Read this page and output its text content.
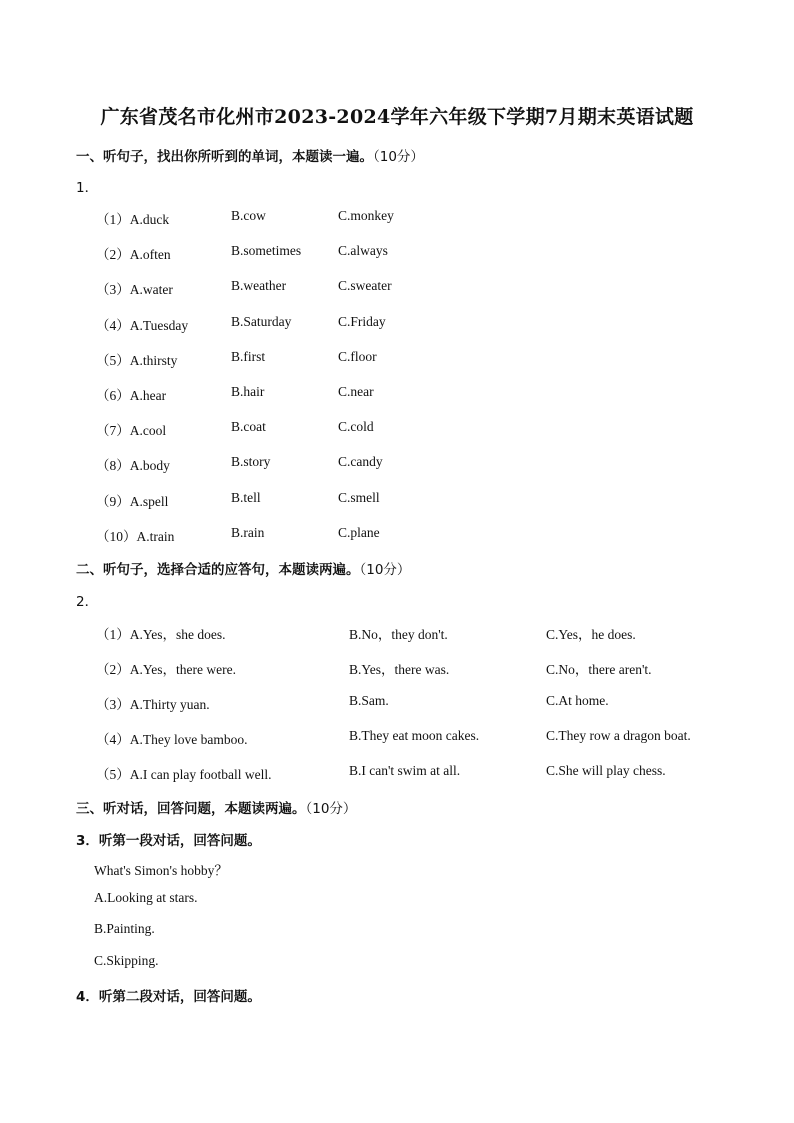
广东省茂名市化州市2023-2024学年六年级下学期7月期末英语试题
一、听句子，找出你所听到的单词，本题读一遍。（10分）
1．
（1）A.duck	B.cow	C.monkey
（2）A.often	B.sometimes	C.always
（3）A.water	B.weather	C.sweater
（4）A.Tuesday	B.Saturday	C.Friday
（5）A.thirsty	B.first	C.floor
（6）A.hear	B.hair	C.near
（7）A.cool	B.coat	C.cold
（8）A.body	B.story	C.candy
（9）A.spell	B.tell	C.smell
（10）A.train	B.rain	C.plane
二、听句子，选择合适的应答句，本题读两遍。（10分）
2．
（1）A.Yes，she does.	B.No，they don't.	C.Yes，he does.
（2）A.Yes，there were.	B.Yes，there was.	C.No，there aren't.
（3）A.Thirty yuan.	B.Sam.	C.At home.
（4）A.They love bamboo.	B.They eat moon cakes.	C.They row a dragon boat.
（5）A.I can play football well.	B.I can't swim at all.	C.She will play chess.
三、听对话，回答问题，本题读两遍。（10分）
3．听第一段对话，回答问题。
What's Simon's hobby？
A.Looking at stars.
B.Painting.
C.Skipping.
4．听第二段对话，回答问题。
